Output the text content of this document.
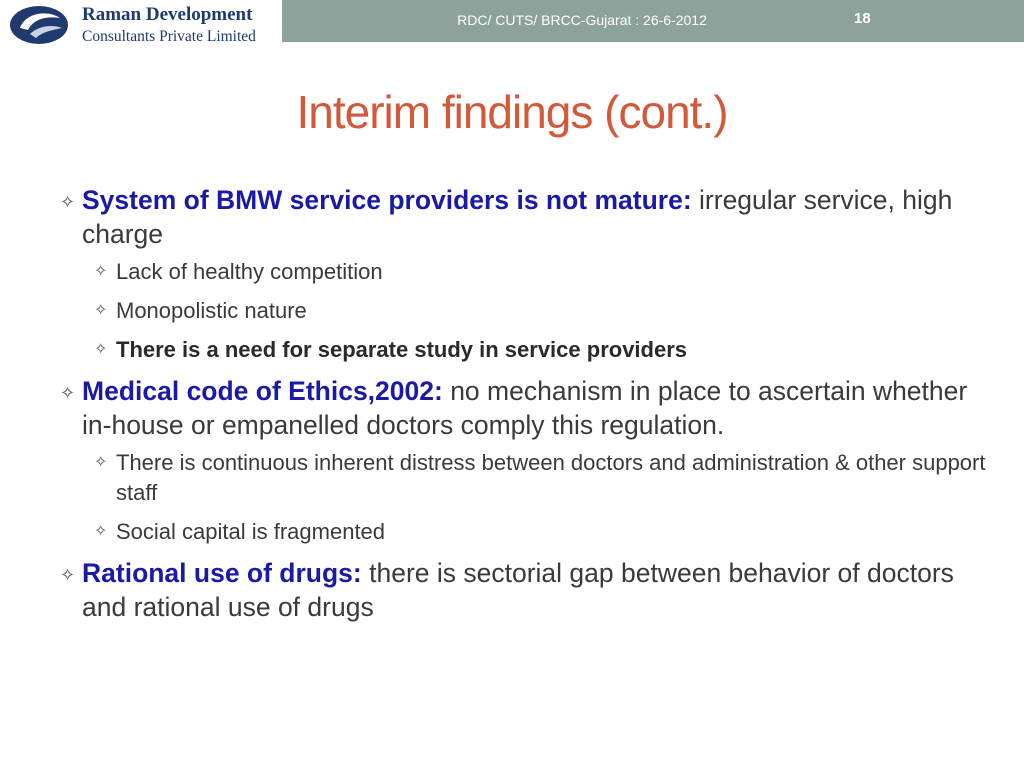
Raman Development
Consultants Private Limited
RDC/ CUTS/ BRCC-Gujarat : 26-6-2012	18
Interim findings (cont.)
✧ System of BMW service providers is not mature: irregular service, high charge
✧ Lack of healthy competition
✧ Monopolistic nature
✧ There is a need for separate study in service providers
✧ Medical code of Ethics,2002: no mechanism in place to ascertain whether in-house or empanelled doctors comply this regulation.
✧ There is continuous inherent distress between doctors and administration & other support staff
✧ Social capital is fragmented
✧ Rational use of drugs: there is sectorial gap between behavior of doctors and rational use of drugs
